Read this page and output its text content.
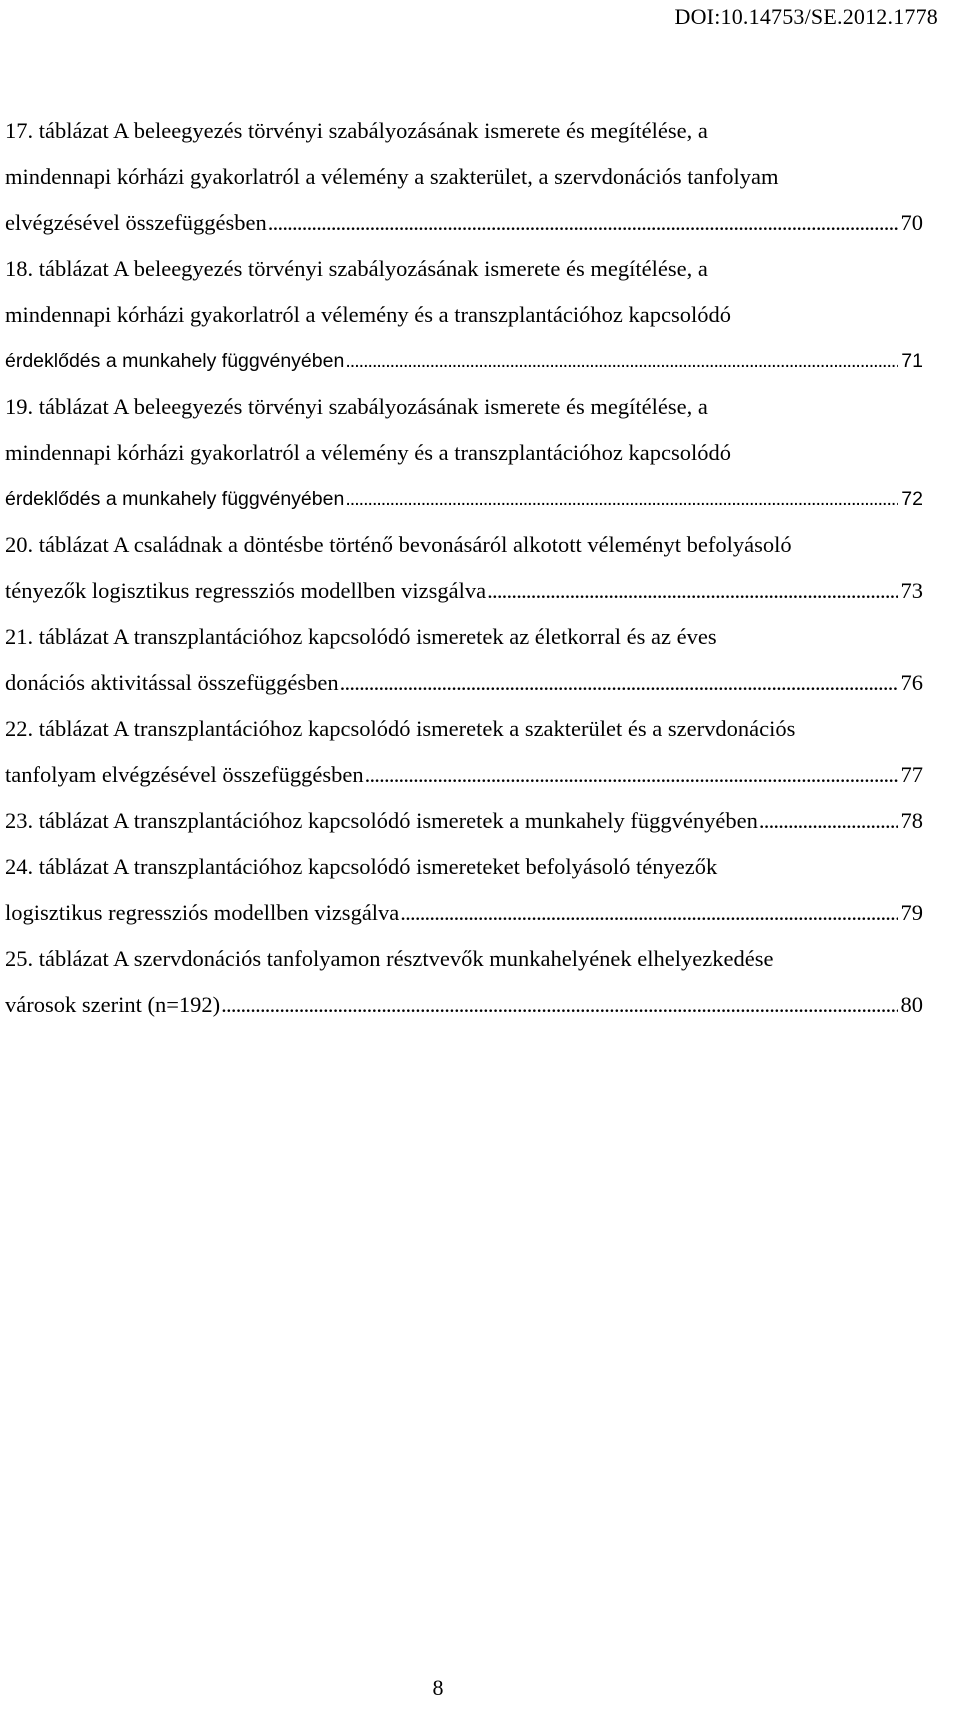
DOI:10.14753/SE.2012.1778
17. táblázat A beleegyezés törvényi szabályozásának ismerete és megítélése, a
mindennapi kórházi gyakorlatról a vélemény a szakterület, a szervdonációs tanfolyam
elvégzésével összefüggésben . . .	70
18. táblázat A beleegyezés törvényi szabályozásának ismerete és megítélése, a
mindennapi kórházi gyakorlatról a vélemény és a transzplantációhoz kapcsolódó
érdeklődés a munkahely függvényében . . .	71
19. táblázat A beleegyezés törvényi szabályozásának ismerete és megítélése, a
mindennapi kórházi gyakorlatról a vélemény és a transzplantációhoz kapcsolódó
érdeklődés a munkahely függvényében . . .	72
20. táblázat A családnak a döntésbe történő bevonásáról alkotott véleményt befolyásoló
tényezők logisztikus regressziós modellben vizsgálva . . .	73
21. táblázat A transzplantációhoz kapcsolódó ismeretek az életkorral és az éves
donációs aktivitással összefüggésben . . .	76
22. táblázat A transzplantációhoz kapcsolódó ismeretek a szakterület és a szervdonációs
tanfolyam elvégzésével összefüggésben . . .	77
23. táblázat A transzplantációhoz kapcsolódó ismeretek a munkahely függvényében . . .	78
24. táblázat A transzplantációhoz kapcsolódó ismereteket befolyásoló tényezők
logisztikus regressziós modellben vizsgálva . . .	79
25. táblázat A szervdonációs tanfolyamon résztvevők munkahelyének elhelyezkedése
városok szerint (n=192) . . .	80
8
